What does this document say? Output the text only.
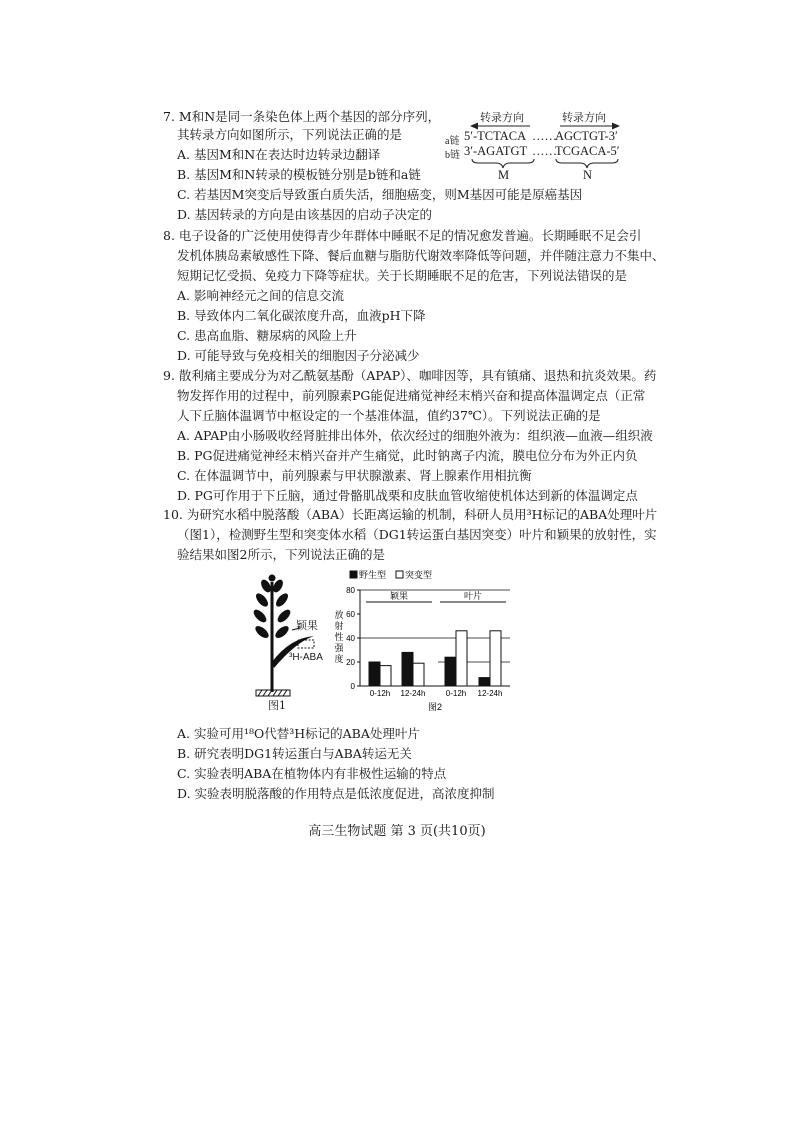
7. M和N是同一条染色体上两个基因的部分序列，
其转录方向如图所示，下列说法正确的是
A. 基因M和N在表达时边转录边翻译
B. 基因M和N转录的模板链分别是b链和a链
C. 若基因M突变后导致蛋白质失活，细胞癌变，则M基因可能是原癌基因
D. 基因转录的方向是由该基因的启动子决定的
转录方向	转录方向
a链 5′-TCTACA ……
AGCTGT-3′
b链 3′-AGATGT ……
TCGACA-5′
M	N
8. 电子设备的广泛使用使得青少年群体中睡眠不足的情况愈发普遍。长期睡眠不足会引
发机体胰岛素敏感性下降、餐后血糖与脂肪代谢效率降低等问题，并伴随注意力不集中、
短期记忆受损、免疫力下降等症状。关于长期睡眠不足的危害，下列说法错误的是
A. 影响神经元之间的信息交流
B. 导致体内二氧化碳浓度升高，血液pH下降
C. 患高血脂、糖尿病的风险上升
D. 可能导致与免疫相关的细胞因子分泌减少
9. 散利痛主要成分为对乙酰氨基酚（APAP）、咖啡因等，具有镇痛、退热和抗炎效果。药
物发挥作用的过程中，前列腺素PG能促进痛觉神经末梢兴奋和提高体温调定点（正常
人下丘脑体温调节中枢设定的一个基准体温，值约37℃）。下列说法正确的是
A. APAP由小肠吸收经肾脏排出体外，依次经过的细胞外液为：组织液—血液—组织液
B. PG促进痛觉神经末梢兴奋并产生痛觉，此时钠离子内流，膜电位分布为外正内负
C. 在体温调节中，前列腺素与甲状腺激素、肾上腺素作用相抗衡
D. PG可作用于下丘脑，通过骨骼肌战栗和皮肤血管收缩使机体达到新的体温调定点
10. 为研究水稻中脱落酸（ABA）长距离运输的机制，科研人员用³H标记的ABA处理叶片
（图1），检测野生型和突变体水稻（DG1转运蛋白基因突变）叶片和颖果的放射性，实
验结果如图2所示，下列说法正确的是
颖果
³H-ABA
图1
野生型 突变型
0
20
40
60
80
放
射
性
强
度
颖果	叶片
0-12h 12-24h	0-12h 12-24h
图2
A. 实验可用¹⁸O代替³H标记的ABA处理叶片
B. 研究表明DG1转运蛋白与ABA转运无关
C. 实验表明ABA在植物体内有非极性运输的特点
D. 实验表明脱落酸的作用特点是低浓度促进，高浓度抑制
高三生物试题 第 3 页(共10页)
